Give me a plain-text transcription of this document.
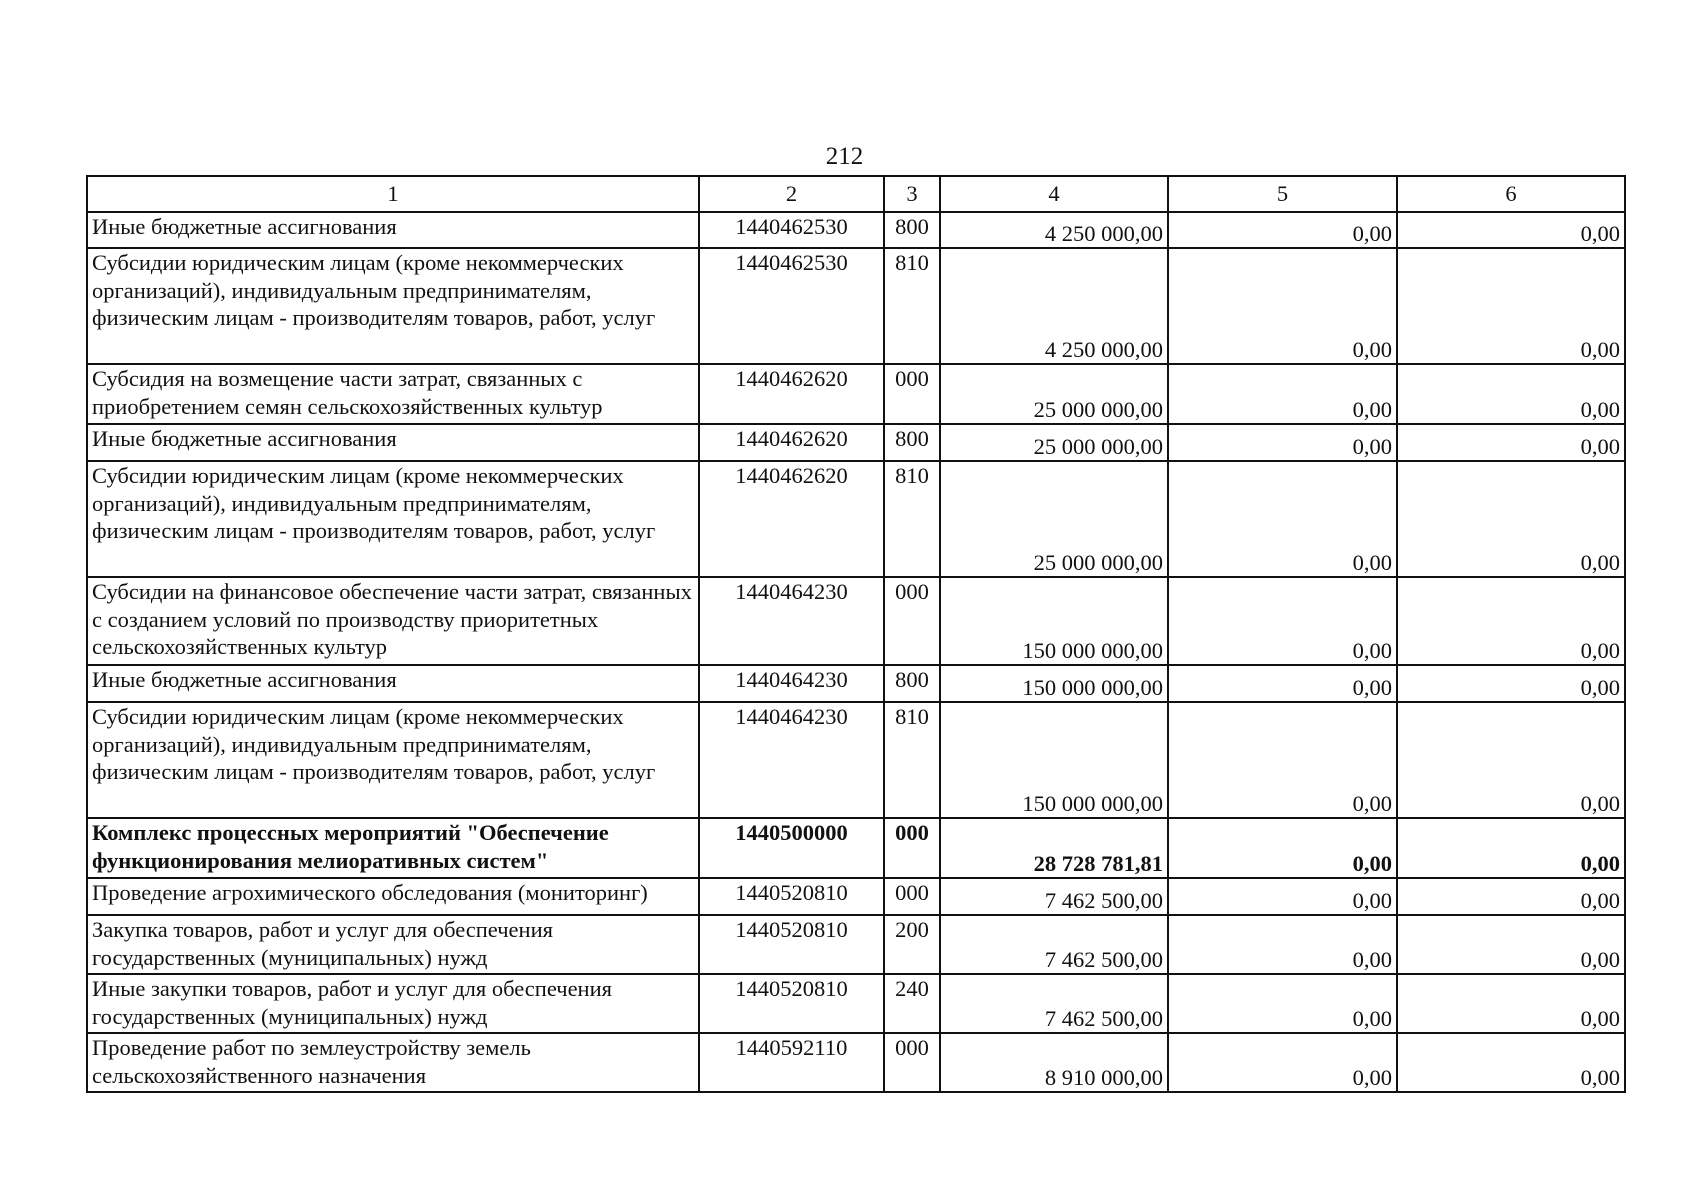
212
1	2	3	4	5	6
Иные бюджетные ассигнования	1440462530	800	4 250 000,00	0,00	0,00
Субсидии юридическим лицам (кроме некоммерческих организаций), индивидуальным предпринимателям, физическим лицам - производителям товаров, работ, услуг	1440462530	810	4 250 000,00	0,00	0,00
Субсидия на возмещение части затрат, связанных с приобретением семян сельскохозяйственных культур	1440462620	000	25 000 000,00	0,00	0,00
Иные бюджетные ассигнования	1440462620	800	25 000 000,00	0,00	0,00
Субсидии юридическим лицам (кроме некоммерческих организаций), индивидуальным предпринимателям, физическим лицам - производителям товаров, работ, услуг	1440462620	810	25 000 000,00	0,00	0,00
Субсидии на финансовое обеспечение части затрат, связанных с созданием условий по производству приоритетных сельскохозяйственных культур	1440464230	000	150 000 000,00	0,00	0,00
Иные бюджетные ассигнования	1440464230	800	150 000 000,00	0,00	0,00
Субсидии юридическим лицам (кроме некоммерческих организаций), индивидуальным предпринимателям, физическим лицам - производителям товаров, работ, услуг	1440464230	810	150 000 000,00	0,00	0,00
Комплекс процессных мероприятий "Обеспечение функционирования мелиоративных систем"	1440500000	000	28 728 781,81	0,00	0,00
Проведение агрохимического обследования (мониторинг)	1440520810	000	7 462 500,00	0,00	0,00
Закупка товаров, работ и услуг для обеспечения государственных (муниципальных) нужд	1440520810	200	7 462 500,00	0,00	0,00
Иные закупки товаров, работ и услуг для обеспечения государственных (муниципальных) нужд	1440520810	240	7 462 500,00	0,00	0,00
Проведение работ по землеустройству земель сельскохозяйственного назначения	1440592110	000	8 910 000,00	0,00	0,00
